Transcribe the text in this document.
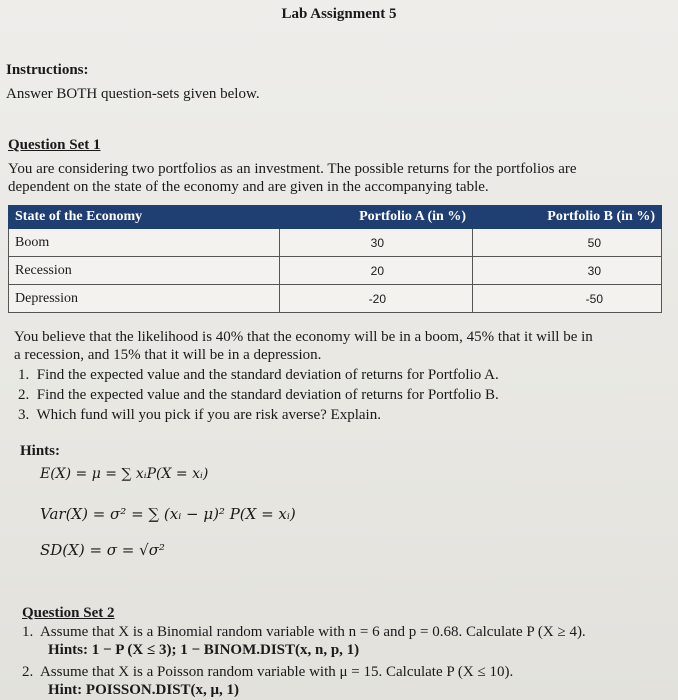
Lab Assignment 5
Instructions:
Answer BOTH question-sets given below.
Question Set 1
You are considering two portfolios as an investment. The possible returns for the portfolios are
dependent on the state of the economy and are given in the accompanying table.
State of the Economy	Portfolio A (in %)	Portfolio B (in %)
Boom	30	50
Recession	20	30
Depression	-20	-50
You believe that the likelihood is 40% that the economy will be in a boom, 45% that it will be in
a recession, and 15% that it will be in a depression.
1. Find the expected value and the standard deviation of returns for Portfolio A.
2. Find the expected value and the standard deviation of returns for Portfolio B.
3. Which fund will you pick if you are risk averse? Explain.
Hints:
E(X) = μ = ∑ xᵢP(X = xᵢ)
Var(X) = σ² = ∑ (xᵢ − μ)² P(X = xᵢ)
SD(X) = σ = √σ²
Question Set 2
1. Assume that X is a Binomial random variable with n = 6 and p = 0.68. Calculate P (X ≥ 4).
Hints: 1 − P (X ≤ 3); 1 − BINOM.DIST(x, n, p, 1)
2. Assume that X is a Poisson random variable with μ = 15. Calculate P (X ≤ 10).
Hint: POISSON.DIST(x, μ, 1)
